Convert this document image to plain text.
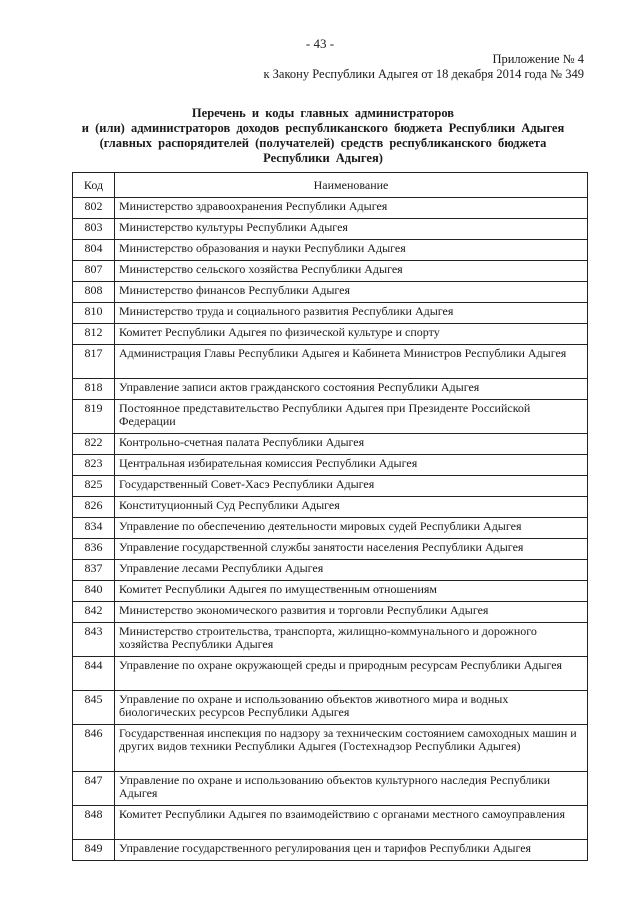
- 43 -
Приложение № 4
к Закону Республики Адыгея от 18 декабря 2014 года № 349
Перечень и коды главных администраторов
и (или) администраторов доходов республиканского бюджета Республики Адыгея
(главных распорядителей (получателей) средств республиканского бюджета
Республики Адыгея)
Код	Наименование
802	Министерство здравоохранения Республики Адыгея
803	Министерство культуры Республики Адыгея
804	Министерство образования и науки Республики Адыгея
807	Министерство сельского хозяйства Республики Адыгея
808	Министерство финансов Республики Адыгея
810	Министерство труда и социального развития Республики Адыгея
812	Комитет Республики Адыгея по физической культуре и спорту
817	Администрация Главы Республики Адыгея и Кабинета Министров Республики Адыгея
818	Управление записи актов гражданского состояния Республики Адыгея
819	Постоянное представительство Республики Адыгея при Президенте Российской Федерации
822	Контрольно-счетная палата Республики Адыгея
823	Центральная избирательная комиссия Республики Адыгея
825	Государственный Совет-Хасэ Республики Адыгея
826	Конституционный Суд Республики Адыгея
834	Управление по обеспечению деятельности мировых судей Республики Адыгея
836	Управление государственной службы занятости населения Республики Адыгея
837	Управление лесами Республики Адыгея
840	Комитет Республики Адыгея по имущественным отношениям
842	Министерство экономического развития и торговли Республики Адыгея
843	Министерство строительства, транспорта, жилищно-коммунального и дорожного хозяйства Республики Адыгея
844	Управление по охране окружающей среды и природным ресурсам Республики Адыгея
845	Управление по охране и использованию объектов животного мира и водных биологических ресурсов Республики Адыгея
846	Государственная инспекция по надзору за техническим состоянием самоходных машин и других видов техники Республики Адыгея (Гостехнадзор Республики Адыгея)
847	Управление по охране и использованию объектов культурного наследия Республики Адыгея
848	Комитет Республики Адыгея по взаимодействию с органами местного самоуправления
849	Управление государственного регулирования цен и тарифов Республики Адыгея
